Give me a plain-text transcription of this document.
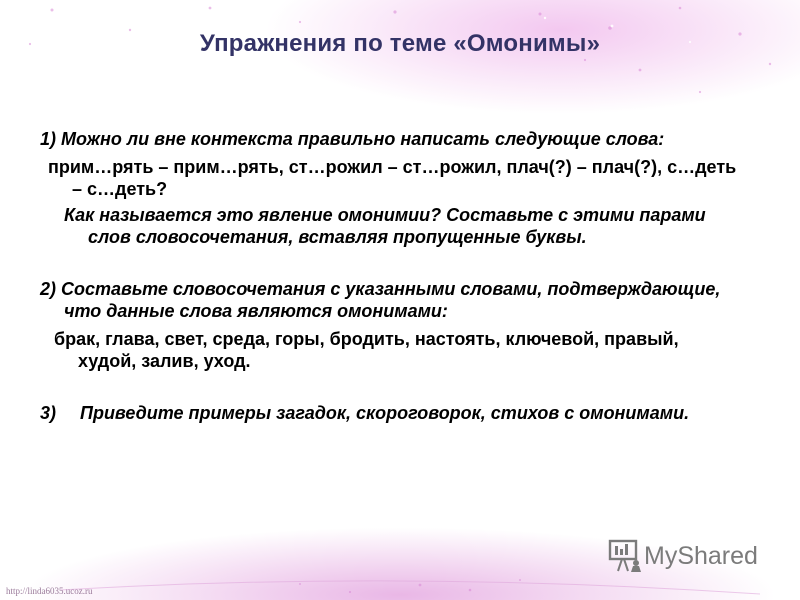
Упражнения по теме «Омонимы»

1) Можно ли вне контекста правильно написать следующие слова:

прим…рять – прим…рять, ст…рожил – ст…рожил, плач(?) – плач(?), с…деть – с…деть?

Как называется это явление омонимии? Составьте с этими парами слов словосочетания, вставляя пропущенные буквы.

2) Составьте словосочетания с указанными словами, подтверждающие, что данные слова являются омонимами:

брак, глава, свет, среда, горы, бродить, настоять, ключевой, правый, худой, залив, уход.

3) Приведите примеры загадок, скороговорок, стихов с омонимами.

http://linda6035.ucoz.ru
MyShared
